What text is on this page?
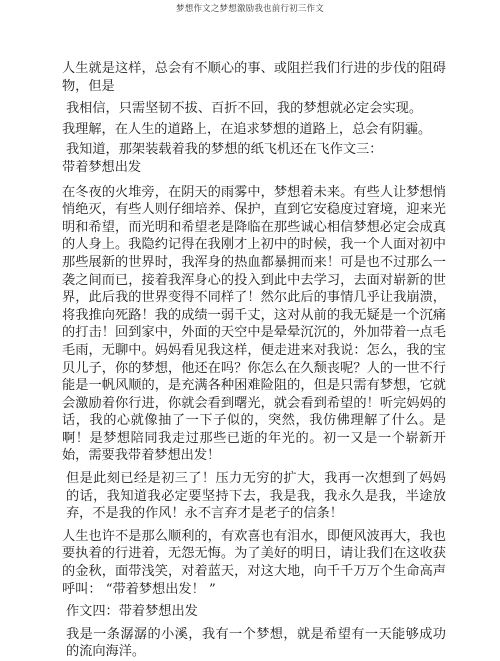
梦想作文之梦想激励我也前行初三作文

人生就是这样，总会有不顺心的事、或阻拦我们行进的步伐的阻碍物，但是

我相信，只需坚韧不拔、百折不回，我的梦想就必定会实现。

我理解，在人生的道路上，在追求梦想的道路上，总会有阴霾。

我知道，那架装载着我的梦想的纸飞机还在飞作文三：

带着梦想出发

在冬夜的火堆旁，在阴天的雨雾中，梦想着未来。有些人让梦想悄悄绝灭，有些人则仔细培养、保护，直到它安稳度过窘境，迎来光明和希望，而光明和希望老是降临在那些诚心相信梦想必定会成真的人身上。我隐约记得在我刚才上初中的时候，我一个人面对初中那些展新的世界时，我浑身的热血都暴拥而来！可是也不过那么一袭之间而已，接着我浑身心的投入到此中去学习，去面对崭新的世界，此后我的世界变得不同样了！然尔此后的事情几乎让我崩溃，将我推向死路！我的成绩一弱千丈，这对从前的我无疑是一个沉痛的打击！回到家中，外面的天空中是晕晕沉沉的，外加带着一点毛毛雨，无聊中。妈妈看见我这样，便走进来对我说：怎么，我的宝贝儿子，你的梦想，他还在吗？你怎么在久颓丧呢？人的一世不行能是一帆风顺的，是充满各种困难险阻的，但是只需有梦想，它就会激励着你行进，你就会看到曙光，就会看到希望的！听完妈妈的话，我的心就像抽了一下子似的，突然，我仿佛理解了什么。是啊！是梦想陪同我走过那些已逝的年光的。初一又是一个崭新开始，需要我带着梦想出发！

但是此刻已经是初三了！压力无穷的扩大，我再一次想到了妈妈的话，我知道我必定要坚持下去，我是我，我永久是我，半途放弃，不是我的作风！永不言弃才是老子的信条！

人生也许不是那么顺利的，有欢喜也有泪水，即便风波再大，我也要执着的行进着，无怨无悔。为了美好的明日，请让我们在这收获的金秋，面带浅笑，对着蓝天，对这大地，向千千万万个生命高声呼叫： “带着梦想出发！ ”

作文四：带着梦想出发

我是一条潺潺的小溪，我有一个梦想，就是希望有一天能够成功的流向海洋。
